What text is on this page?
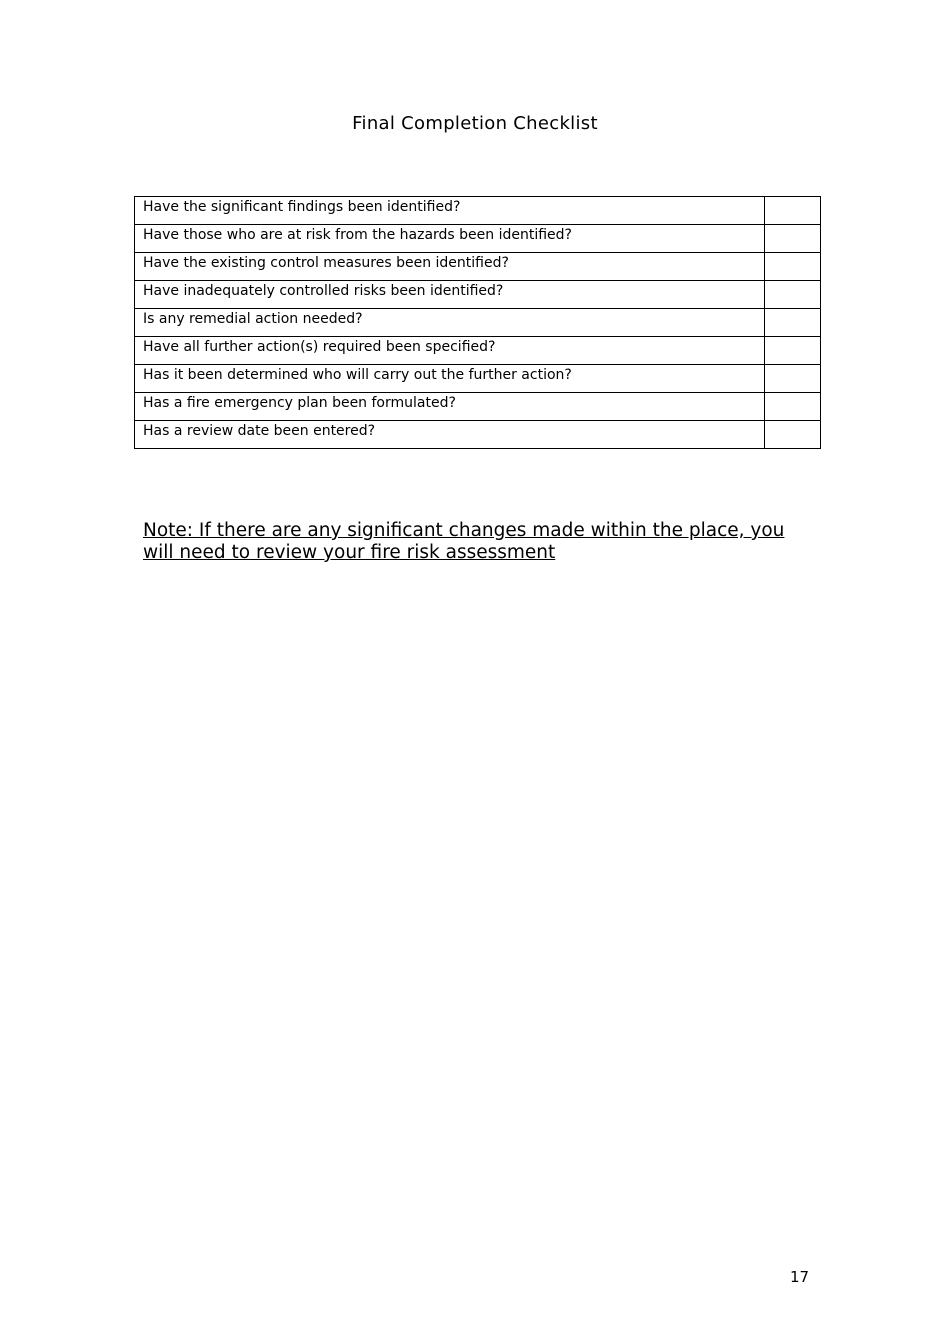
Final Completion Checklist
Have the significant findings been identified?	
Have those who are at risk from the hazards been identified?	
Have the existing control measures been identified?	
Have inadequately controlled risks been identified?	
Is any remedial action needed?	
Have all further action(s) required been specified?	
Has it been determined who will carry out the further action?	
Has a fire emergency plan been formulated?	
Has a review date been entered?	
Note: If there are any significant changes made within the place, you will need to review your fire risk assessment
17
